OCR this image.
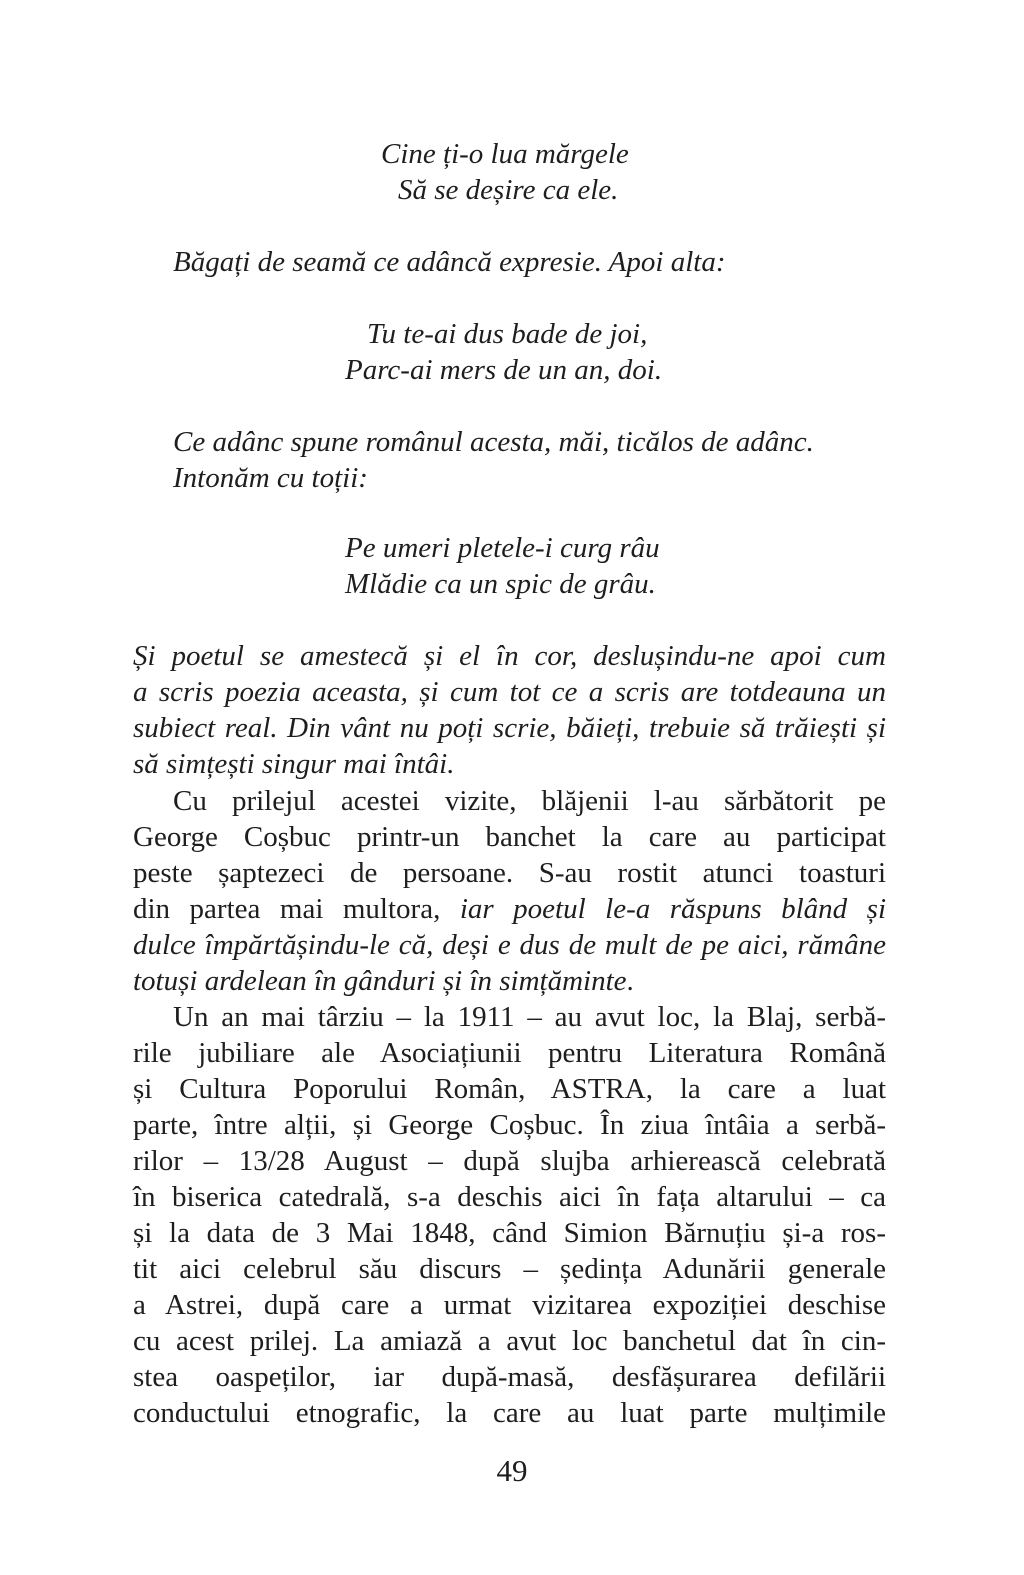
Cine ți-o lua mărgele
Să se deșire ca ele.
Băgați de seamă ce adâncă expresie. Apoi alta:
Tu te-ai dus bade de joi,
Parc-ai mers de un an, doi.
Ce adânc spune românul acesta, măi, ticălos de adânc.
Intonăm cu toții:
Pe umeri pletele-i curg râu
Mlădie ca un spic de grâu.
Și poetul se amestecă și el în cor, deslușindu-ne apoi cum
a scris poezia aceasta, și cum tot ce a scris are totdeauna un
subiect real. Din vânt nu poți scrie, băieți, trebuie să trăiești și
să simțești singur mai întâi.
Cu prilejul acestei vizite, blăjenii l-au sărbătorit pe
George Coșbuc printr-un banchet la care au participat
peste șaptezeci de persoane. S-au rostit atunci toasturi
din partea mai multora, iar poetul le-a răspuns blând și
dulce împărtășindu-le că, deși e dus de mult de pe aici, rămâne
totuși ardelean în gânduri și în simțăminte.
Un an mai târziu – la 1911 – au avut loc, la Blaj, serbă-
rile jubiliare ale Asociațiunii pentru Literatura Română
și Cultura Poporului Român, ASTRA, la care a luat
parte, între alții, și George Coșbuc. În ziua întâia a serbă-
rilor – 13/28 August – după slujba arhierească celebrată
în biserica catedrală, s-a deschis aici în fața altarului – ca
și la data de 3 Mai 1848, când Simion Bărnuțiu și-a ros-
tit aici celebrul său discurs – ședința Adunării generale
a Astrei, după care a urmat vizitarea expoziției deschise
cu acest prilej. La amiază a avut loc banchetul dat în cin-
stea oaspeților, iar după-masă, desfășurarea defilării
conductului etnografic, la care au luat parte mulțimile
49
